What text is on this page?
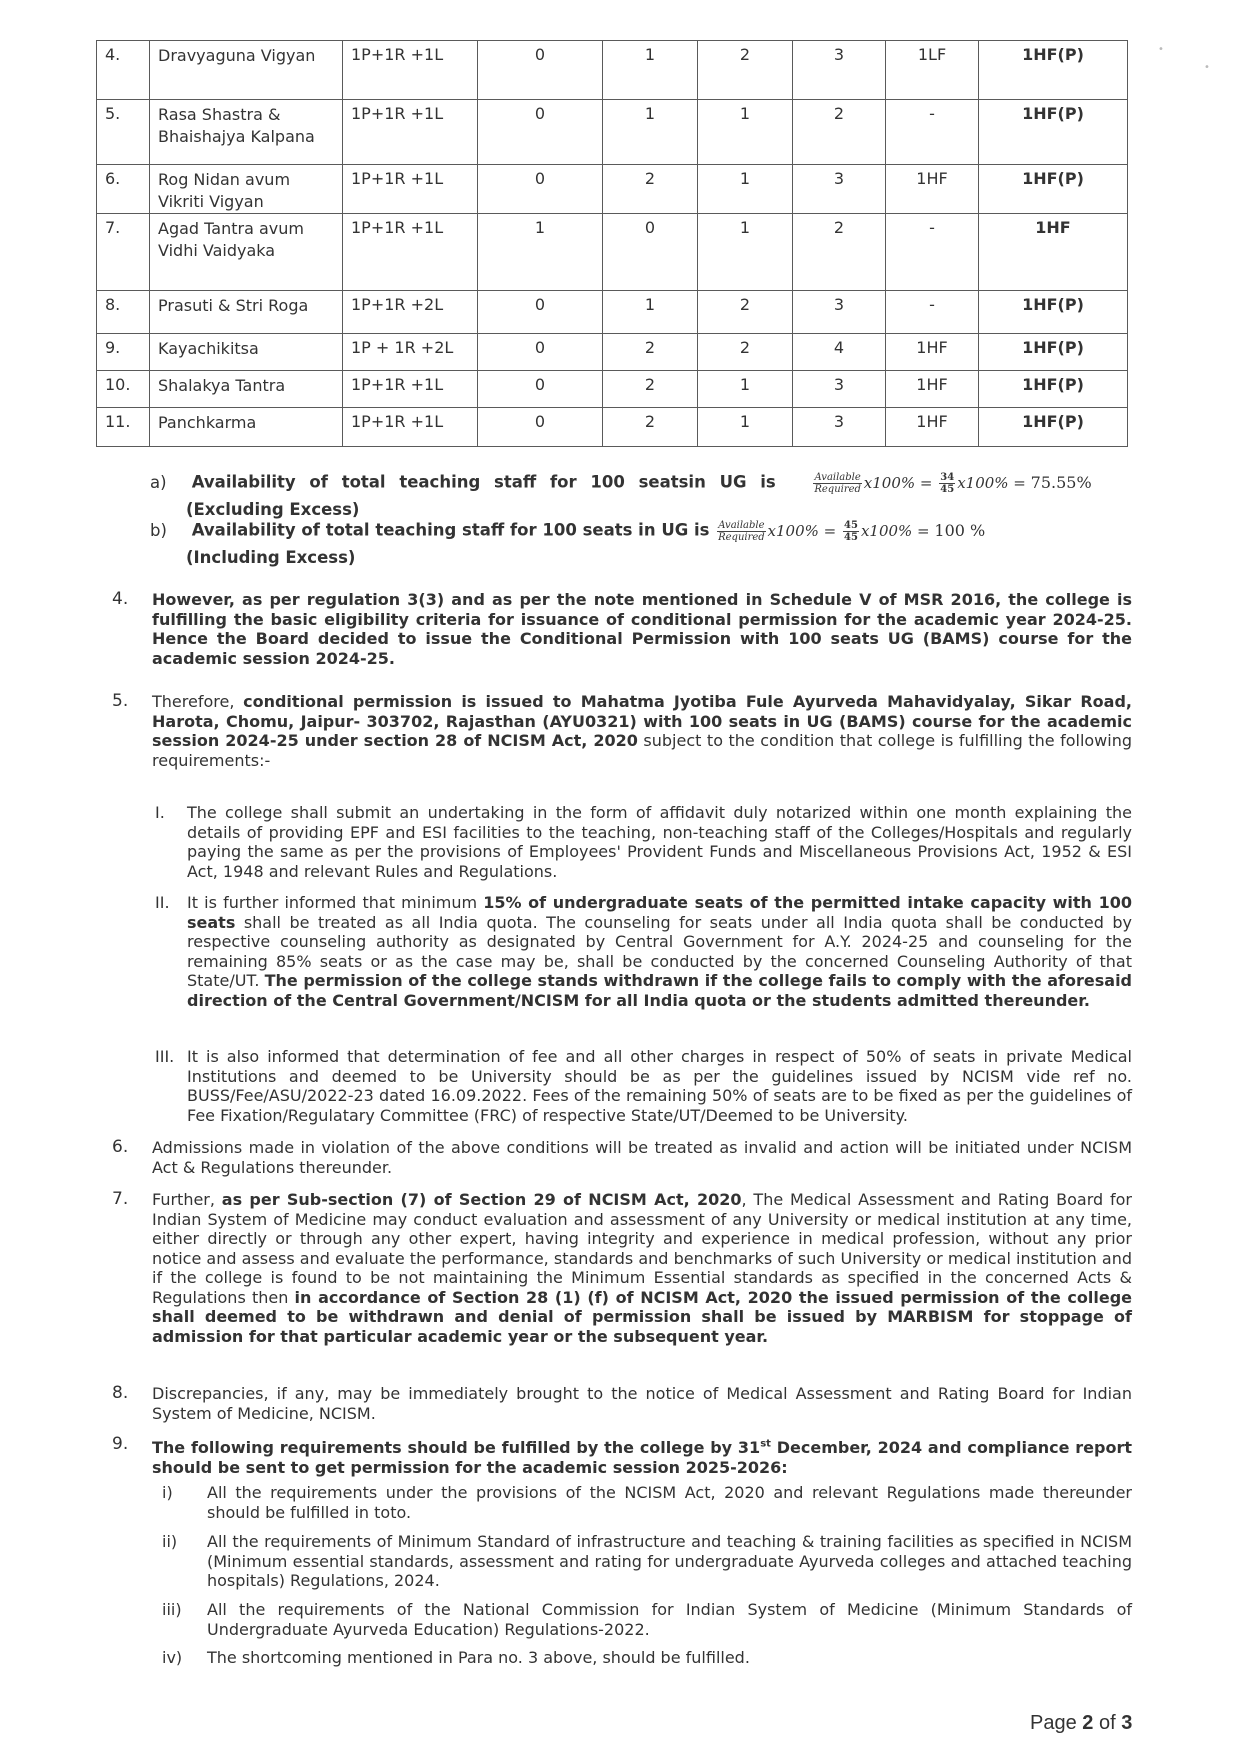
4.	Dravyaguna Vigyan	1P+1R +1L	0	1	2	3	1LF	1HF(P)
5.	Rasa Shastra & Bhaishajya Kalpana	1P+1R +1L	0	1	1	2	-	1HF(P)
6.	Rog Nidan avum Vikriti Vigyan	1P+1R +1L	0	2	1	3	1HF	1HF(P)
7.	Agad Tantra avum Vidhi Vaidyaka	1P+1R +1L	1	0	1	2	-	1HF
8.	Prasuti & Stri Roga	1P+1R +2L	0	1	2	3	-	1HF(P)
9.	Kayachikitsa	1P + 1R +2L	0	2	2	4	1HF	1HF(P)
10.	Shalakya Tantra	1P+1R +1L	0	2	1	3	1HF	1HF(P)
11.	Panchkarma	1P+1R +1L	0	2	1	3	1HF	1HF(P)
a) Availability of total teaching staff for 100 seatsin UG is	$\frac{\text{Available}}{\text{Required}} x100\% = \frac{34}{45} x100\% = 75.55\%$
(Excluding Excess)
b) Availability of total teaching staff for 100 seats in UG is $\frac{\text{Available}}{\text{Required}} x100\% = \frac{45}{45} x100\% = 100$ %
(Including Excess)
4. However, as per regulation 3(3) and as per the note mentioned in Schedule V of MSR 2016, the college is fulfilling the basic eligibility criteria for issuance of conditional permission for the academic year 2024-25. Hence the Board decided to issue the Conditional Permission with 100 seats UG (BAMS) course for the academic session 2024-25.
5. Therefore, conditional permission is issued to Mahatma Jyotiba Fule Ayurveda Mahavidyalay, Sikar Road, Harota, Chomu, Jaipur- 303702, Rajasthan (AYU0321) with 100 seats in UG (BAMS) course for the academic session 2024-25 under section 28 of NCISM Act, 2020 subject to the condition that college is fulfilling the following requirements:-
I. The college shall submit an undertaking in the form of affidavit duly notarized within one month explaining the details of providing EPF and ESI facilities to the teaching, non-teaching staff of the Colleges/Hospitals and regularly paying the same as per the provisions of Employees' Provident Funds and Miscellaneous Provisions Act, 1952 & ESI Act, 1948 and relevant Rules and Regulations.
II. It is further informed that minimum 15% of undergraduate seats of the permitted intake capacity with 100 seats shall be treated as all India quota. The counseling for seats under all India quota shall be conducted by respective counseling authority as designated by Central Government for A.Y. 2024-25 and counseling for the remaining 85% seats or as the case may be, shall be conducted by the concerned Counseling Authority of that State/UT. The permission of the college stands withdrawn if the college fails to comply with the aforesaid direction of the Central Government/NCISM for all India quota or the students admitted thereunder.
III. It is also informed that determination of fee and all other charges in respect of 50% of seats in private Medical Institutions and deemed to be University should be as per the guidelines issued by NCISM vide ref no. BUSS/Fee/ASU/2022-23 dated 16.09.2022. Fees of the remaining 50% of seats are to be fixed as per the guidelines of Fee Fixation/Regulatary Committee (FRC) of respective State/UT/Deemed to be University.
6. Admissions made in violation of the above conditions will be treated as invalid and action will be initiated under NCISM Act & Regulations thereunder.
7. Further, as per Sub-section (7) of Section 29 of NCISM Act, 2020, The Medical Assessment and Rating Board for Indian System of Medicine may conduct evaluation and assessment of any University or medical institution at any time, either directly or through any other expert, having integrity and experience in medical profession, without any prior notice and assess and evaluate the performance, standards and benchmarks of such University or medical institution and if the college is found to be not maintaining the Minimum Essential standards as specified in the concerned Acts & Regulations then in accordance of Section 28 (1) (f) of NCISM Act, 2020 the issued permission of the college shall deemed to be withdrawn and denial of permission shall be issued by MARBISM for stoppage of admission for that particular academic year or the subsequent year.
8. Discrepancies, if any, may be immediately brought to the notice of Medical Assessment and Rating Board for Indian System of Medicine, NCISM.
9. The following requirements should be fulfilled by the college by 31st December, 2024 and compliance report should be sent to get permission for the academic session 2025-2026:
i) All the requirements under the provisions of the NCISM Act, 2020 and relevant Regulations made thereunder should be fulfilled in toto.
ii) All the requirements of Minimum Standard of infrastructure and teaching & training facilities as specified in NCISM (Minimum essential standards, assessment and rating for undergraduate Ayurveda colleges and attached teaching hospitals) Regulations, 2024.
iii) All the requirements of the National Commission for Indian System of Medicine (Minimum Standards of Undergraduate Ayurveda Education) Regulations-2022.
iv) The shortcoming mentioned in Para no. 3 above, should be fulfilled.
Page 2 of 3
•
•
